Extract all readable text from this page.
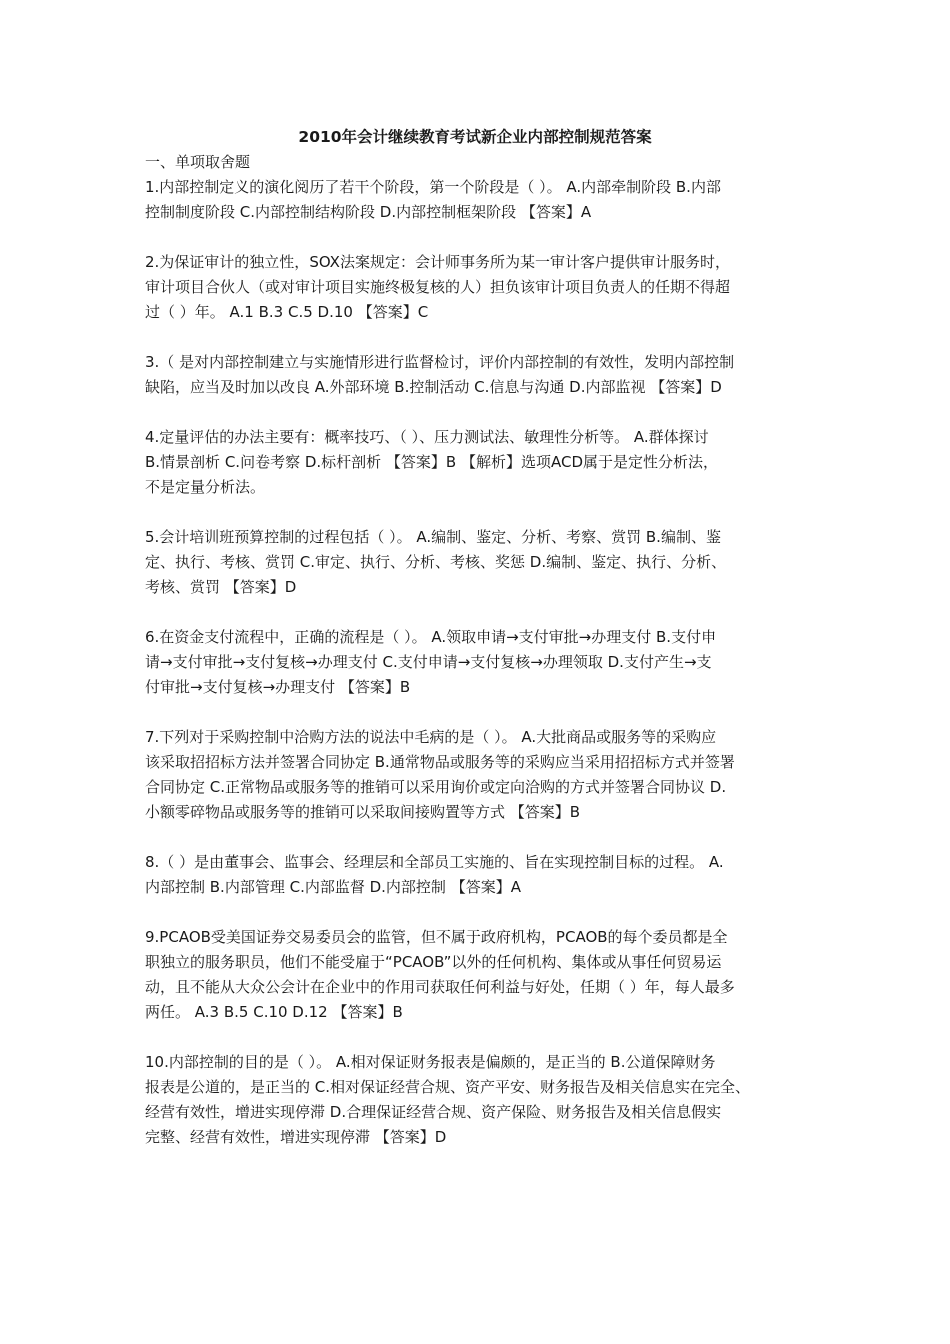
2010年会计继续教育考试新企业内部控制规范答案

一、单项取舍题

1.内部控制定义的演化阅历了若干个阶段，第一个阶段是（ ）。 A.内部牵制阶段 B.内部
控制制度阶段 C.内部控制结构阶段 D.内部控制框架阶段 【答案】A
2.为保证审计的独立性，SOX法案规定：会计师事务所为某一审计客户提供审计服务时，
审计项目合伙人（或对审计项目实施终极复核的人）担负该审计项目负责人的任期不得超
过（ ）年。 A.1 B.3 C.5 D.10 【答案】C
3.（ 是对内部控制建立与实施情形进行监督检讨，评价内部控制的有效性，发明内部控制
缺陷，应当及时加以改良 A.外部环境 B.控制活动 C.信息与沟通 D.内部监视 【答案】D
4.定量评估的办法主要有：概率技巧、（ ）、压力测试法、敏理性分析等。 A.群体探讨
B.情景剖析 C.问卷考察 D.标杆剖析 【答案】B 【解析】选项ACD属于是定性分析法，
不是定量分析法。
5.会计培训班预算控制的过程包括（ ）。 A.编制、鉴定、分析、考察、赏罚 B.编制、鉴
定、执行、考核、赏罚 C.审定、执行、分析、考核、奖惩 D.编制、鉴定、执行、分析、
考核、赏罚 【答案】D
6.在资金支付流程中，正确的流程是（ ）。 A.领取申请→支付审批→办理支付 B.支付申
请→支付审批→支付复核→办理支付 C.支付申请→支付复核→办理领取 D.支付产生→支
付审批→支付复核→办理支付 【答案】B
7.下列对于采购控制中洽购方法的说法中毛病的是（ ）。 A.大批商品或服务等的采购应
该采取招招标方法并签署合同协定 B.通常物品或服务等的采购应当采用招招标方式并签署
合同协定 C.正常物品或服务等的推销可以采用询价或定向洽购的方式并签署合同协议 D.
小额零碎物品或服务等的推销可以采取间接购置等方式 【答案】B
8.（ ）是由董事会、监事会、经理层和全部员工实施的、旨在实现控制目标的过程。 A.
内部控制 B.内部管理 C.内部监督 D.内部控制 【答案】A
9.PCAOB受美国证券交易委员会的监管，但不属于政府机构，PCAOB的每个委员都是全
职独立的服务职员，他们不能受雇于“PCAOB”以外的任何机构、集体或从事任何贸易运
动，且不能从大众公会计在企业中的作用司获取任何利益与好处，任期（ ）年，每人最多
两任。 A.3 B.5 C.10 D.12 【答案】B
10.内部控制的目的是（ ）。 A.相对保证财务报表是偏颇的，是正当的 B.公道保障财务
报表是公道的，是正当的 C.相对保证经营合规、资产平安、财务报告及相关信息实在完全、
经营有效性，增进实现停滞 D.合理保证经营合规、资产保险、财务报告及相关信息假实
完整、经营有效性，增进实现停滞 【答案】D
